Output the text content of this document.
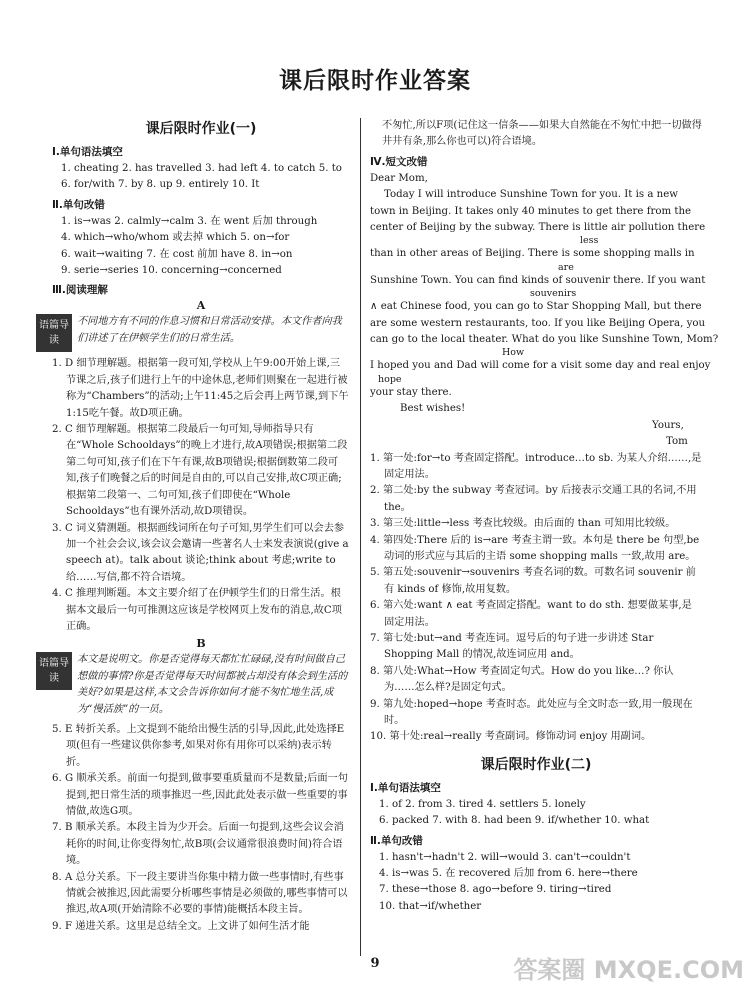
课后限时作业答案
课后限时作业(一)
Ⅰ.单句语法填空
1. cheating 2. has travelled 3. had left 4. to catch 5. to
6. for/with 7. by 8. up 9. entirely 10. It
Ⅱ.单句改错
1. is→was 2. calmly→calm 3. 在 went 后加 through
4. which→who/whom 或去掉 which 5. on→for
6. wait→waiting 7. 在 cost 前加 have 8. in→on
9. serie→series 10. concerning→concerned
Ⅲ.阅读理解
A
语篇导读
不同地方有不同的作息习惯和日常活动安排。本文作者向我们讲述了在伊顿学生们的日常生活。
1. D 细节理解题。根据第一段可知,学校从上午9:00开始上课,三节课之后,孩子们进行上午的中途休息,老师们则聚在一起进行被称为“Chambers”的活动;上午11:45之后会再上两节课,到下午1:15吃午餐。故D项正确。
2. C 细节理解题。根据第二段最后一句可知,导师指导只有在“Whole Schooldays”的晚上才进行,故A项错误;根据第二段第二句可知,孩子们在下午有课,故B项错误;根据倒数第二段可知,孩子们晚餐之后的时间是自由的,可以自己安排,故C项正确;根据第二段第一、二句可知,孩子们即使在“Whole Schooldays”也有课外活动,故D项错误。
3. C 词义猜测题。根据画线词所在句子可知,男学生们可以会去参加一个社会会议,该会议会邀请一些著名人士来发表演说(give a speech at)。talk about 谈论;think about 考虑;write to 给……写信,都不符合语境。
4. C 推理判断题。本文主要介绍了在伊顿学生们的日常生活。根据本文最后一句可推测这应该是学校网页上发布的消息,故C项正确。
B
语篇导读
本文是说明文。你是否觉得每天都忙忙碌碌,没有时间做自己想做的事情?你是否觉得每天时间都被占却没有体会到生活的美好?如果是这样,本文会告诉你如何才能不匆忙地生活,成为“慢活族”的一员。
5. E 转折关系。上文提到不能给出慢生活的引导,因此,此处选择E项(但有一些建议供你参考,如果对你有用你可以采纳)表示转折。
6. G 顺承关系。前面一句提到,做事要重质量而不是数量;后面一句提到,把日常生活的琐事推迟一些,因此此处表示做一些重要的事情做,故选G项。
7. B 顺承关系。本段主旨为少开会。后面一句提到,这些会议会消耗你的时间,让你变得匆忙,故B项(会议通常很浪费时间)符合语境。
8. A 总分关系。下一段主要讲当你集中精力做一些事情时,有些事情就会被推迟,因此需要分析哪些事情是必须做的,哪些事情可以推迟,故A项(开始清除不必要的事情)能概括本段主旨。
9. F 递进关系。这里是总结全文。上文讲了如何生活才能
不匆忙,所以F项(记住这一信条——如果大自然能在不匆忙中把一切做得井井有条,那么你也可以)符合语境。
Ⅳ.短文改错
Dear Mom,
Today I will introduce Sunshine Town for you. It is a new
town in Beijing. It takes only 40 minutes to get there from the
center of Beijing by the subway. There is little air pollution there
less
than in other areas of Beijing. There is some shopping malls in
are
Sunshine Town. You can find kinds of souvenir there. If you want
souvenirs
∧ eat Chinese food, you can go to Star Shopping Mall, but there
are some western restaurants, too. If you like Beijing Opera, you
can go to the local theater. What do you like Sunshine Town, Mom?
How
I hoped you and Dad will come for a visit some day and real enjoy
hope
your stay there.
Best wishes!
Yours,
Tom
1. 第一处:for→to 考查固定搭配。introduce…to sb. 为某人介绍……,是固定用法。
2. 第二处:by the subway 考查冠词。by 后接表示交通工具的名词,不用 the。
3. 第三处:little→less 考查比较级。由后面的 than 可知用比较级。
4. 第四处:There 后的 is→are 考查主谓一致。本句是 there be 句型,be 动词的形式应与其后的主语 some shopping malls 一致,故用 are。
5. 第五处:souvenir→souvenirs 考查名词的数。可数名词 souvenir 前有 kinds of 修饰,故用复数。
6. 第六处:want ∧ eat 考查固定搭配。want to do sth. 想要做某事,是固定用法。
7. 第七处:but→and 考查连词。逗号后的句子进一步讲述 Star Shopping Mall 的情况,故连词应用 and。
8. 第八处:What→How 考查固定句式。How do you like…? 你认为……怎么样?是固定句式。
9. 第九处:hoped→hope 考查时态。此处应与全文时态一致,用一般现在时。
10. 第十处:real→really 考查副词。修饰动词 enjoy 用副词。
课后限时作业(二)
Ⅰ.单句语法填空
1. of 2. from 3. tired 4. settlers 5. lonely
6. packed 7. with 8. had been 9. if/whether 10. what
Ⅱ.单句改错
1. hasn't→hadn't 2. will→would 3. can't→couldn't
4. is→was 5. 在 recovered 后加 from 6. here→there
7. these→those 8. ago→before 9. tiring→tired
10. that→if/whether
9	答案圈 MXQE.COM
